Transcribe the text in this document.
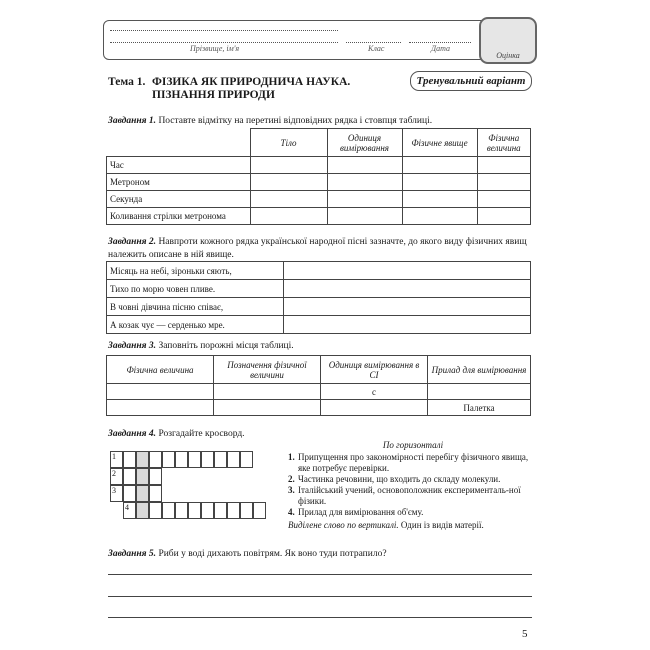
Прізвище, ім'я	Клас	Дата
Оцінка
Тема 1. ФІЗИКА ЯК ПРИРОДНИЧА НАУКА.
ПІЗНАННЯ ПРИРОДИ
Тренувальний варіант
Завдання 1. Поставте відмітку на перетині відповідних рядка і стовпця таблиці.
	Тіло	Одиниця вимірювання	Фізичне явище	Фізична величина
Час				
Метроном				
Секунда				
Коливання стрілки метронома				
Завдання 2. Навпроти кожного рядка української народної пісні зазначте, до якого виду фізичних явищ належить описане в ній явище.
Місяць на небі, зіроньки сяють,	
Тихо по морю човен пливе.	
В човні дівчина пісню співає,	
А козак чує — серденько мре.	
Завдання 3. Заповніть порожні місця таблиці.
Фізична величина	Позначення фізичної величини	Одиниця вимірювання в СІ	Прилад для вимірювання
		с	
			Палетка
Завдання 4. Розгадайте кросворд.
1
2
3
4
По горизонталі
1. Припущення про закономірності перебігу фізичного явища, яке потребує перевірки.
2. Частинка речовини, що входить до складу молекули.
3. Італійський учений, основоположник експерименталь-ної фізики.
4. Прилад для вимірювання об'єму.
Виділене слово по вертикалі. Один із видів матерії.
Завдання 5. Риби у воді дихають повітрям. Як воно туди потрапило?
5
